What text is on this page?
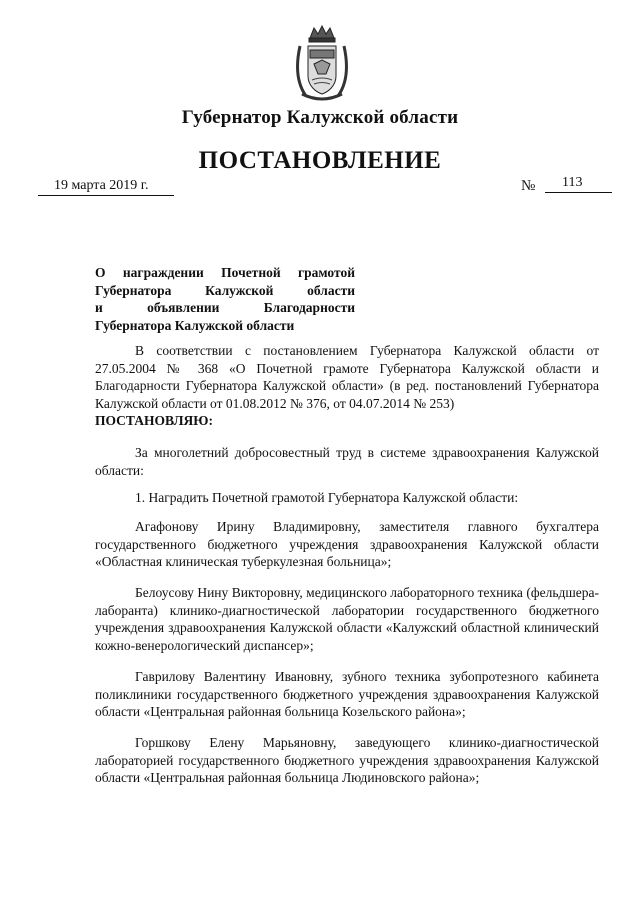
Губернатор Калужской области
ПОСТАНОВЛЕНИЕ
19 марта 2019 г.	№	113
О награждении Почетной грамотой
Губернатора Калужской области
и объявлении Благодарности
Губернатора Калужской области
В соответствии с постановлением Губернатора Калужской области от 27.05.2004 № 368 «О Почетной грамоте Губернатора Калужской области и Благодарности Губернатора Калужской области» (в ред. постановлений Губернатора Калужской области от 01.08.2012 № 376, от 04.07.2014 № 253)
ПОСТАНОВЛЯЮ:
За многолетний добросовестный труд в системе здравоохранения Калужской области:
1. Наградить Почетной грамотой Губернатора Калужской области:
Агафонову Ирину Владимировну, заместителя главного бухгалтера государственного бюджетного учреждения здравоохранения Калужской области «Областная клиническая туберкулезная больница»;
Белоусову Нину Викторовну, медицинского лабораторного техника (фельдшера-лаборанта) клинико-диагностической лаборатории государственного бюджетного учреждения здравоохранения Калужской области «Калужский областной клинический кожно-венерологический диспансер»;
Гаврилову Валентину Ивановну, зубного техника зубопротезного кабинета поликлиники государственного бюджетного учреждения здравоохранения Калужской области «Центральная районная больница Козельского района»;
Горшкову Елену Марьяновну, заведующего клинико-диагностической лабораторией государственного бюджетного учреждения здравоохранения Калужской области «Центральная районная больница Людиновского района»;
